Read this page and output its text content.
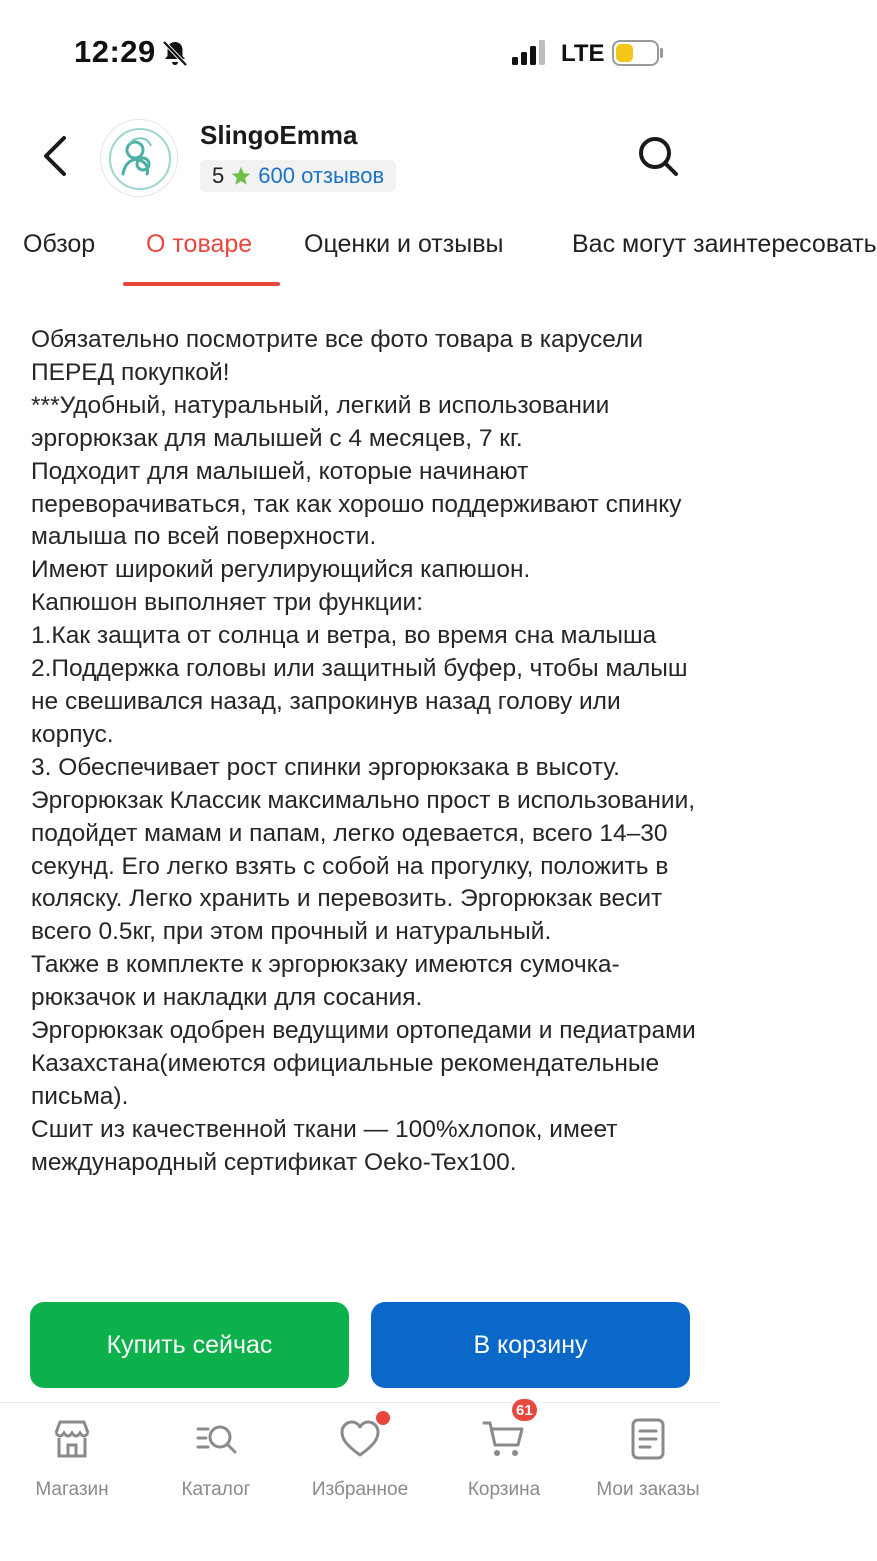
12:29	LTE
SlingoEmma
5 600 отзывов
Обзор О товаре Оценки и отзывы	Вас могут заинтересовать

Обязательно посмотрите все фото товара в карусели ПЕРЕД покупкой!

***Удобный, натуральный, легкий в использовании эргорюкзак для малышей с 4 месяцев, 7 кг.

Подходит для малышей, которые начинают переворачиваться, так как хорошо поддерживают спинку малыша по всей поверхности.

Имеют широкий регулирующийся капюшон.

Капюшон выполняет три функции:

1.Как защита от солнца и ветра, во время сна малыша

2.Поддержка головы или защитный буфер, чтобы малыш не свешивался назад, запрокинув назад голову или корпус.

3. Обеспечивает рост спинки эргорюкзака в высоту.

Эргорюкзак Классик максимально прост в использовании, подойдет мамам и папам, легко одевается, всего 14–30 секунд. Его легко взять с собой на прогулку, положить в коляску. Легко хранить и перевозить. Эргорюкзак весит всего 0.5кг, при этом прочный и натуральный.

Также в комплекте к эргорюкзаку имеются сумочка-рюкзачок и накладки для сосания.

Эргорюкзак одобрен ведущими ортопедами и педиатрами Казахстана(имеются официальные рекомендательные письма).

Сшит из качественной ткани — 100%хлопок, имеет международный сертификат Oeko-Tex100.

Купить сейчас	В корзину
Магазин	Каталог	Избранное
61
Корзина	Мои заказы
